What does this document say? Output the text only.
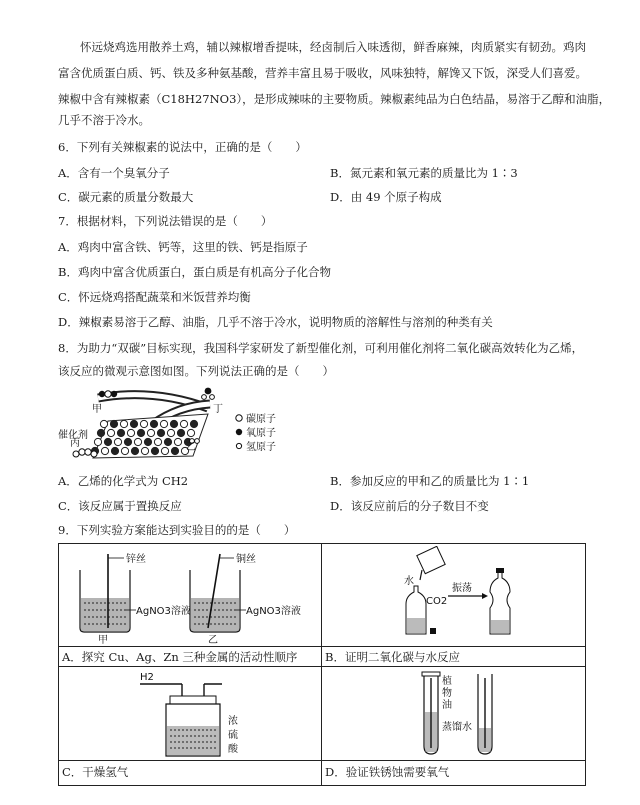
怀远烧鸡选用散养土鸡，辅以辣椒增香提味，经卤制后入味透彻，鲜香麻辣，肉质紧实有韧劲。鸡肉
富含优质蛋白质、钙、铁及多种氨基酸，营养丰富且易于吸收，风味独特，解馋又下饭，深受人们喜爱。
辣椒中含有辣椒素（C18H27NO3），是形成辣味的主要物质。辣椒素纯品为白色结晶，易溶于乙醇和油脂，
几乎不溶于冷水。
6．下列有关辣椒素的说法中，正确的是（　　）
A．含有一个臭氧分子	B．氮元素和氧元素的质量比为 1∶3
C．碳元素的质量分数最大	D．由 49 个原子构成
7．根据材料，下列说法错误的是（　　）
A．鸡肉中富含铁、钙等，这里的铁、钙是指原子
B．鸡肉中富含优质蛋白，蛋白质是有机高分子化合物
C．怀远烧鸡搭配蔬菜和米饭营养均衡
D．辣椒素易溶于乙醇、油脂，几乎不溶于冷水，说明物质的溶解性与溶剂的种类有关
8．为助力“双碳”目标实现，我国科学家研发了新型催化剂，可利用催化剂将二氧化碳高效转化为乙烯，
该反应的微观示意图如图。下列说法正确的是（　　）
甲	丁
乙
催化剂
丙
碳原子
氧原子
氢原子
A．乙烯的化学式为 CH2	B．参加反应的甲和乙的质量比为 1∶1
C．该反应属于置换反应	D．该反应前后的分子数目不变
9．下列实验方案能达到实验目的的是（　　）
锌丝
AgNO3溶液
甲
铜丝
AgNO3溶液
乙
A．探究 Cu、Ag、Zn 三种金属的活动性顺序
水
CO2
振荡
B．证明二氧化碳与水反应
H2
浓
硫
酸
C．干燥氢气
植
物
油
蒸馏水
D．验证铁锈蚀需要氧气
